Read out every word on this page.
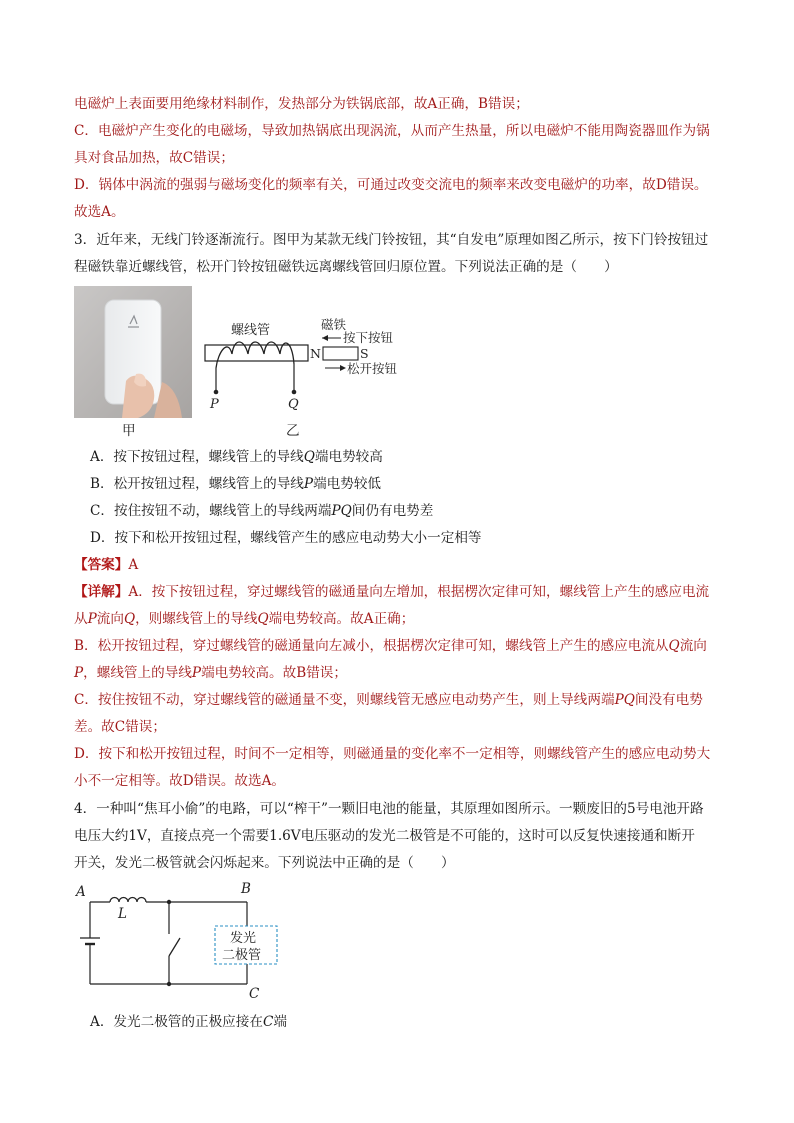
电磁炉上表面要用绝缘材料制作，发热部分为铁锅底部，故A正确，B错误；
C．电磁炉产生变化的电磁场，导致加热锅底出现涡流，从而产生热量，所以电磁炉不能用陶瓷器皿作为锅
具对食品加热，故C错误；
D．锅体中涡流的强弱与磁场变化的频率有关，可通过改变交流电的频率来改变电磁炉的功率，故D错误。
故选A。
3．近年来，无线门铃逐渐流行。图甲为某款无线门铃按钮，其“自发电”原理如图乙所示，按下门铃按钮过
程磁铁靠近螺线管，松开门铃按钮磁铁远离螺线管回归原位置。下列说法正确的是（　　）
甲
螺线管
P	Q
磁铁
按下按钮
N	S
松开按钮
乙
A．按下按钮过程，螺线管上的导线Q端电势较高
B．松开按钮过程，螺线管上的导线P端电势较低
C．按住按钮不动，螺线管上的导线两端PQ间仍有电势差
D．按下和松开按钮过程，螺线管产生的感应电动势大小一定相等
【答案】A
【详解】A．按下按钮过程，穿过螺线管的磁通量向左增加，根据楞次定律可知，螺线管上产生的感应电流
从P流向Q，则螺线管上的导线Q端电势较高。故A正确；
B．松开按钮过程，穿过螺线管的磁通量向左减小，根据楞次定律可知，螺线管上产生的感应电流从Q流向
P，螺线管上的导线P端电势较高。故B错误；
C．按住按钮不动，穿过螺线管的磁通量不变，则螺线管无感应电动势产生，则上导线两端PQ间没有电势
差。故C错误；
D．按下和松开按钮过程，时间不一定相等，则磁通量的变化率不一定相等，则螺线管产生的感应电动势大
小不一定相等。故D错误。故选A。
4．一种叫“焦耳小偷”的电路，可以“榨干”一颗旧电池的能量，其原理如图所示。一颗废旧的5号电池开路
电压大约1V，直接点亮一个需要1.6V电压驱动的发光二极管是不可能的，这时可以反复快速接通和断开
开关，发光二极管就会闪烁起来。下列说法中正确的是（　　）
A	B
C
L
发光
二极管
A．发光二极管的正极应接在C端
